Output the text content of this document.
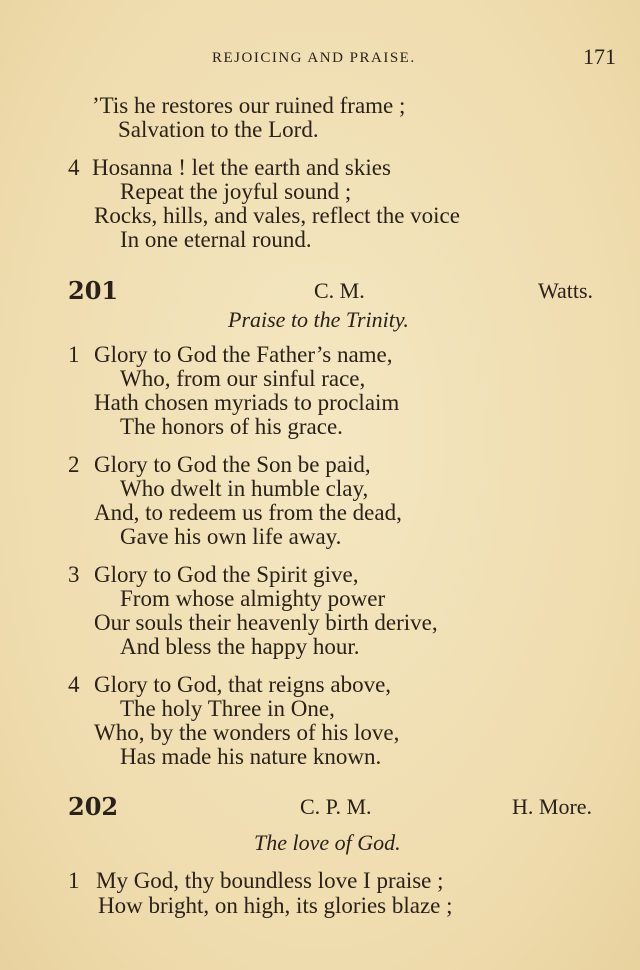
REJOICING AND PRAISE.	171
’Tis he restores our ruined frame ;
Salvation to the Lord.
4 Hosanna ! let the earth and skies
Repeat the joyful sound ;
Rocks, hills, and vales, reflect the voice
In one eternal round.
201	C. M.	Watts.
Praise to the Trinity.
1 Glory to God the Father’s name,
Who, from our sinful race,
Hath chosen myriads to proclaim
The honors of his grace.
2 Glory to God the Son be paid,
Who dwelt in humble clay,
And, to redeem us from the dead,
Gave his own life away.
3 Glory to God the Spirit give,
From whose almighty power
Our souls their heavenly birth derive,
And bless the happy hour.
4 Glory to God, that reigns above,
The holy Three in One,
Who, by the wonders of his love,
Has made his nature known.
202	C. P. M.	H. More.
The love of God.
1 My God, thy boundless love I praise ;
How bright, on high, its glories blaze ;
